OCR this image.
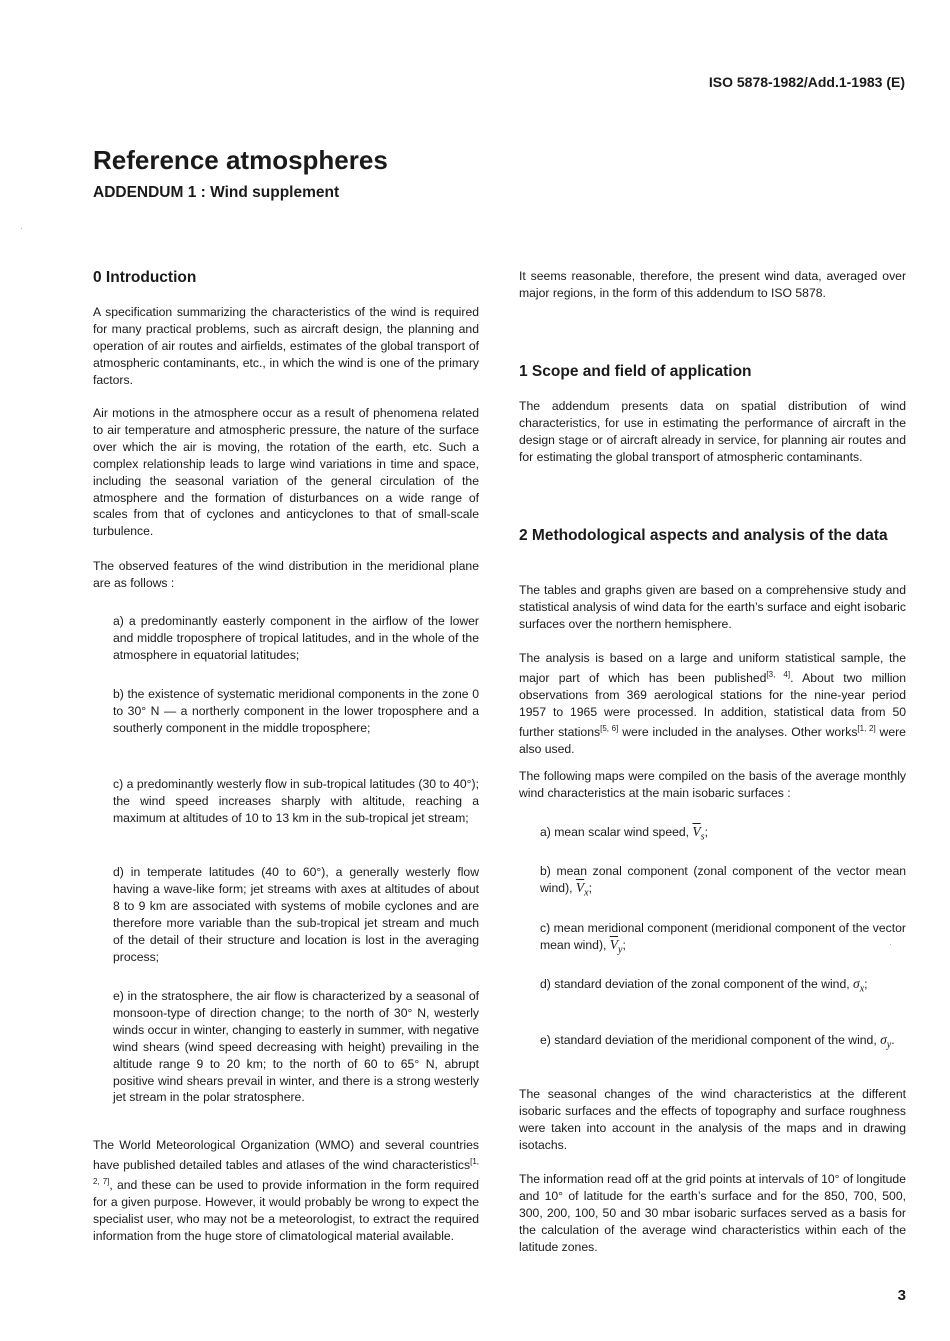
ISO 5878-1982/Add.1-1983 (E)
Reference atmospheres
ADDENDUM 1 : Wind supplement
0 Introduction

A specification summarizing the characteristics of the wind is required for many practical problems, such as aircraft design, the planning and operation of air routes and airfields, estimates of the global transport of atmospheric contaminants, etc., in which the wind is one of the primary factors.

Air motions in the atmosphere occur as a result of phenomena related to air temperature and atmospheric pressure, the nature of the surface over which the air is moving, the rotation of the earth, etc. Such a complex relationship leads to large wind variations in time and space, including the seasonal variation of the general circulation of the atmosphere and the formation of disturbances on a wide range of scales from that of cyclones and anticyclones to that of small-scale turbulence.

The observed features of the wind distribution in the meridional plane are as follows :

a) a predominantly easterly component in the airflow of the lower and middle troposphere of tropical latitudes, and in the whole of the atmosphere in equatorial latitudes;

b) the existence of systematic meridional components in the zone 0 to 30° N — a northerly component in the lower troposphere and a southerly component in the middle troposphere;

c) a predominantly westerly flow in sub-tropical latitudes (30 to 40°); the wind speed increases sharply with altitude, reaching a maximum at altitudes of 10 to 13 km in the sub-tropical jet stream;

d) in temperate latitudes (40 to 60°), a generally westerly flow having a wave-like form; jet streams with axes at altitudes of about 8 to 9 km are associated with systems of mobile cyclones and are therefore more variable than the sub-tropical jet stream and much of the detail of their structure and location is lost in the averaging process;

e) in the stratosphere, the air flow is characterized by a seasonal of monsoon-type of direction change; to the north of 30° N, westerly winds occur in winter, changing to easterly in summer, with negative wind shears (wind speed decreasing with height) prevailing in the altitude range 9 to 20 km; to the north of 60 to 65° N, abrupt positive wind shears prevail in winter, and there is a strong westerly jet stream in the polar stratosphere.

The World Meteorological Organization (WMO) and several countries have published detailed tables and atlases of the wind characteristics[1, 2, 7], and these can be used to provide information in the form required for a given purpose. However, it would probably be wrong to expect the specialist user, who may not be a meteorologist, to extract the required information from the huge store of climatological material available.

It seems reasonable, therefore, the present wind data, averaged over major regions, in the form of this addendum to ISO 5878.

1 Scope and field of application

The addendum presents data on spatial distribution of wind characteristics, for use in estimating the performance of aircraft in the design stage or of aircraft already in service, for planning air routes and for estimating the global transport of atmospheric contaminants.

2 Methodological aspects and analysis of the data

The tables and graphs given are based on a comprehensive study and statistical analysis of wind data for the earth’s surface and eight isobaric surfaces over the northern hemisphere.

The analysis is based on a large and uniform statistical sample, the major part of which has been published[3, 4]. About two million observations from 369 aerological stations for the nine-year period 1957 to 1965 were processed. In addition, statistical data from 50 further stations[5, 6] were included in the analyses. Other works[1, 2] were also used.

The following maps were compiled on the basis of the average monthly wind characteristics at the main isobaric surfaces :

a) mean scalar wind speed, $\overline{V}_s$;

b) mean zonal component (zonal component of the vector mean wind), $\overline{V}_x$;

c) mean meridional component (meridional component of the vector mean wind), $\overline{V}_y$;

d) standard deviation of the zonal component of the wind, $\sigma_x$;

e) standard deviation of the meridional component of the wind, $\sigma_y$.

The seasonal changes of the wind characteristics at the different isobaric surfaces and the effects of topography and surface roughness were taken into account in the analysis of the maps and in drawing isotachs.

The information read off at the grid points at intervals of 10° of longitude and 10° of latitude for the earth’s surface and for the 850, 700, 500, 300, 200, 100, 50 and 30 mbar isobaric surfaces served as a basis for the calculation of the average wind characteristics within each of the latitude zones.

3
